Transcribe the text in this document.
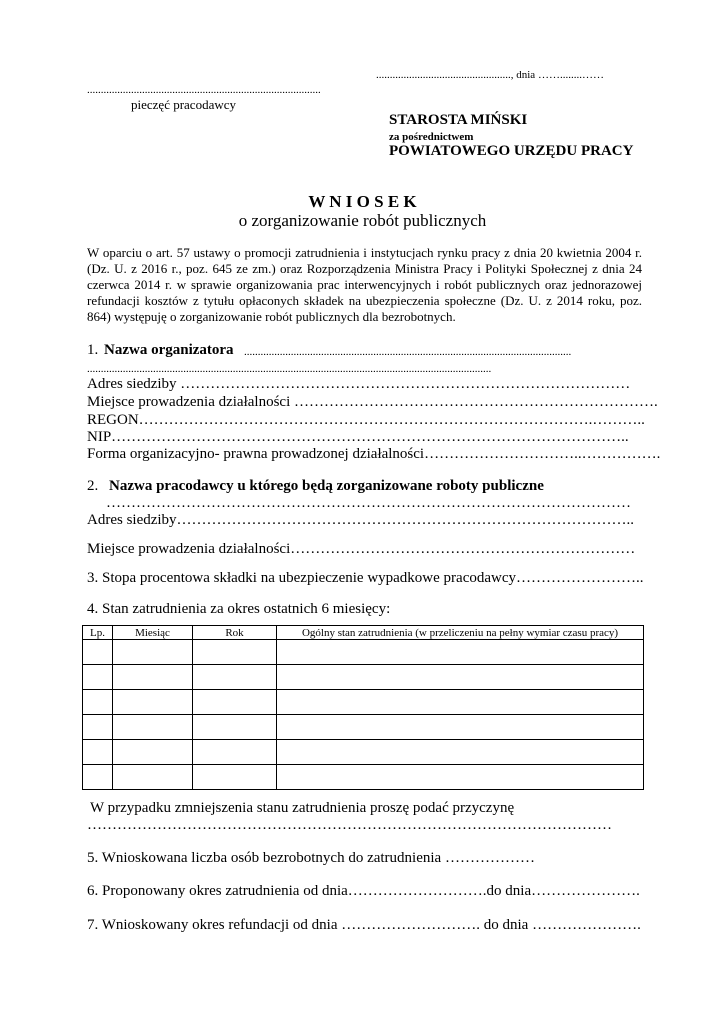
................................................., dnia ……........……
.....................................................................................
pieczęć pracodawcy
STAROSTA MIŃSKI
za pośrednictwem
POWIATOWEGO URZĘDU PRACY
W N I O S E K
o zorganizowanie robót publicznych
W oparciu o art. 57 ustawy o promocji zatrudnienia i instytucjach rynku pracy z dnia 20 kwietnia 2004 r. (Dz. U. z 2016 r., poz. 645 ze zm.) oraz Rozporządzenia Ministra Pracy i Polityki Społecznej z dnia 24 czerwca 2014 r. w sprawie organizowania prac interwencyjnych i robót publicznych oraz jednorazowej refundacji kosztów z tytułu opłaconych składek na ubezpieczenia społeczne (Dz. U. z 2014 roku, poz. 864) występuję o zorganizowanie robót publicznych dla bezrobotnych.
1. Nazwa organizatora .......................................................................................................................
...................................................................................................................................................
Adres siedziby ………………………………………………………………………………
Miejsce prowadzenia działalności ……………………………………………………………….
REGON……………………………………………………………………………….………..
NIP…………………………………………………………………………………………..
Forma organizacyjno- prawna prowadzonej działalności…………………………..…………….
2. Nazwa pracodawcy u którego będą zorganizowane roboty publiczne
……………………………………………………………………………………………
Adres siedziby………………………………………………………………………………..
Miejsce prowadzenia działalności……………………………………………………………
3. Stopa procentowa składki na ubezpieczenie wypadkowe pracodawcy……………………..
4. Stan zatrudnienia za okres ostatnich 6 miesięcy:
Lp.	Miesiąc	Rok	Ogólny stan zatrudnienia (w przeliczeniu na pełny wymiar czasu pracy)

W przypadku zmniejszenia stanu zatrudnienia proszę podać przyczynę
……………………………………………………………………………………………
5. Wnioskowana liczba osób bezrobotnych do zatrudnienia ………………
6. Proponowany okres zatrudnienia od dnia……………………….do dnia………………….
7. Wnioskowany okres refundacji od dnia ………………………. do dnia ………………….
